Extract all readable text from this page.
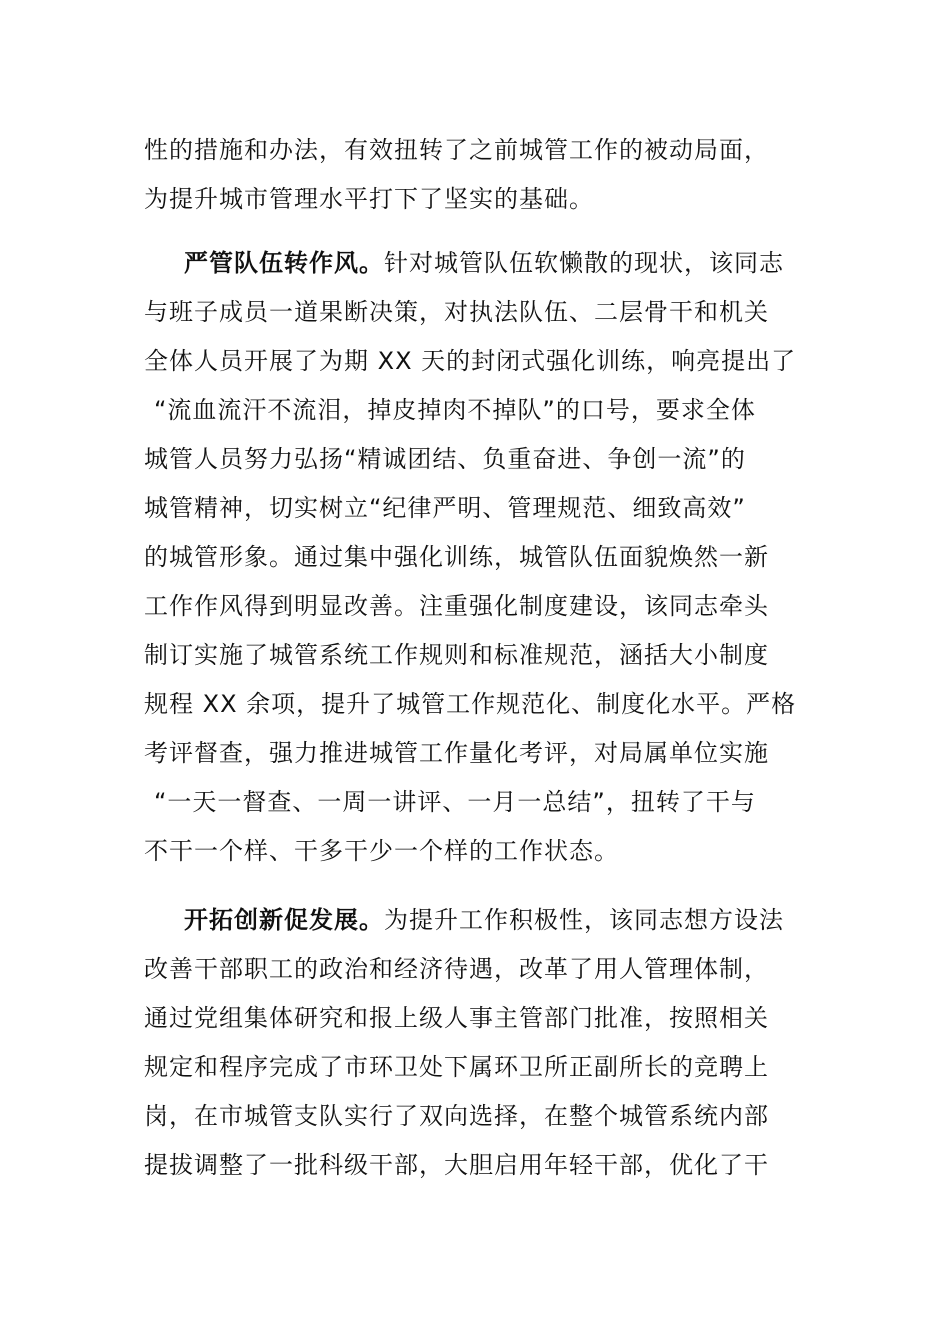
性的措施和办法，有效扭转了之前城管工作的被动局面，
为提升城市管理水平打下了坚实的基础。
严管队伍转作风。针对城管队伍软懒散的现状，该同志
与班子成员一道果断决策，对执法队伍、二层骨干和机关
全体人员开展了为期 XX 天的封闭式强化训练，响亮提出了
“流血流汗不流泪，掉皮掉肉不掉队”的口号，要求全体
城管人员努力弘扬“精诚团结、负重奋进、争创一流”的
城管精神，切实树立“纪律严明、管理规范、细致高效”
的城管形象。通过集中强化训练，城管队伍面貌焕然一新
工作作风得到明显改善。注重强化制度建设，该同志牵头
制订实施了城管系统工作规则和标准规范，涵括大小制度
规程 XX 余项，提升了城管工作规范化、制度化水平。严格
考评督查，强力推进城管工作量化考评，对局属单位实施
“一天一督查、一周一讲评、一月一总结”，扭转了干与
不干一个样、干多干少一个样的工作状态。
开拓创新促发展。为提升工作积极性，该同志想方设法
改善干部职工的政治和经济待遇，改革了用人管理体制，
通过党组集体研究和报上级人事主管部门批准，按照相关
规定和程序完成了市环卫处下属环卫所正副所长的竞聘上
岗，在市城管支队实行了双向选择，在整个城管系统内部
提拔调整了一批科级干部，大胆启用年轻干部，优化了干
